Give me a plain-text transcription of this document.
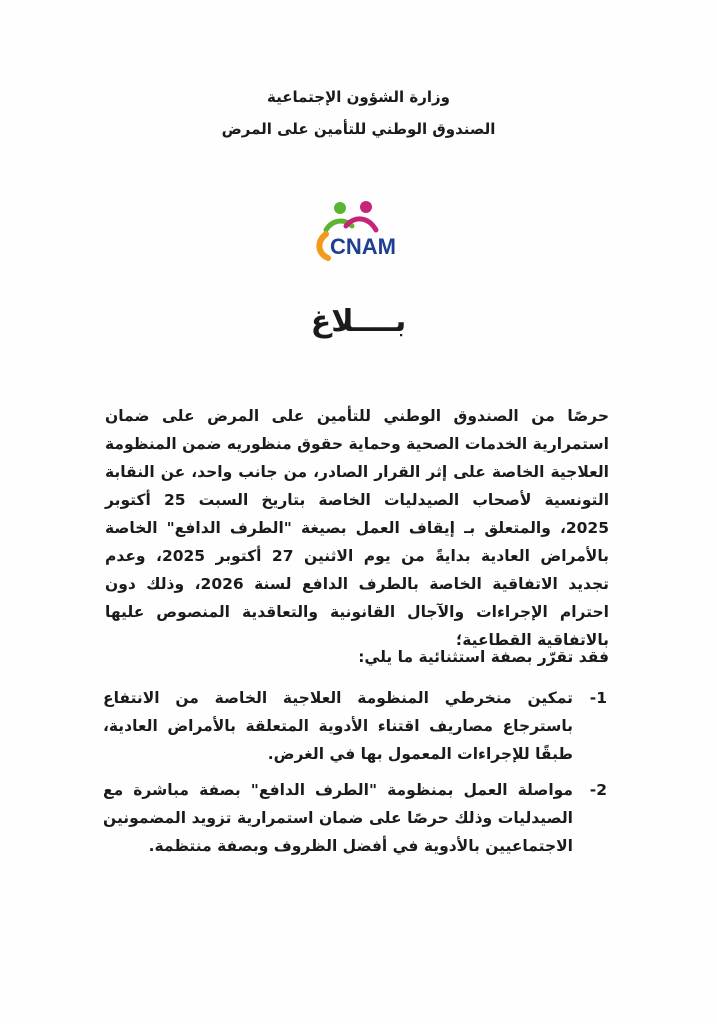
وزارة الشؤون الإجتماعية
الصندوق الوطني للتأمين على المرض
CNAM
بــــلاغ
حرصًا من الصندوق الوطني للتأمين على المرض على ضمان استمرارية الخدمات الصحية وحماية حقوق منظوريه ضمن المنظومة العلاجية الخاصة على إثر القرار الصادر، من جانب واحد، عن النقابة التونسية لأصحاب الصيدليات الخاصة بتاريخ السبت 25 أكتوبر 2025، والمتعلق بـ إيقاف العمل بصيغة "الطرف الدافع" الخاصة بالأمراض العادية بدايةً من يوم الاثنين 27 أكتوبر 2025، وعدم تجديد الاتفاقية الخاصة بالطرف الدافع لسنة 2026، وذلك دون احترام الإجراءات والآجال القانونية والتعاقدية المنصوص عليها بالاتفاقية القطاعية؛
فقد تقرّر بصفة استثنائية ما يلي:
1-
تمكين منخرطي المنظومة العلاجية الخاصة من الانتفاع باسترجاع مصاريف اقتناء الأدوية المتعلقة بالأمراض العادية، طبقًا للإجراءات المعمول بها في الغرض.
2-
مواصلة العمل بمنظومة "الطرف الدافع" بصفة مباشرة مع الصيدليات وذلك حرصًا على ضمان استمرارية تزويد المضمونين الاجتماعيين بالأدوية في أفضل الظروف وبصفة منتظمة.
